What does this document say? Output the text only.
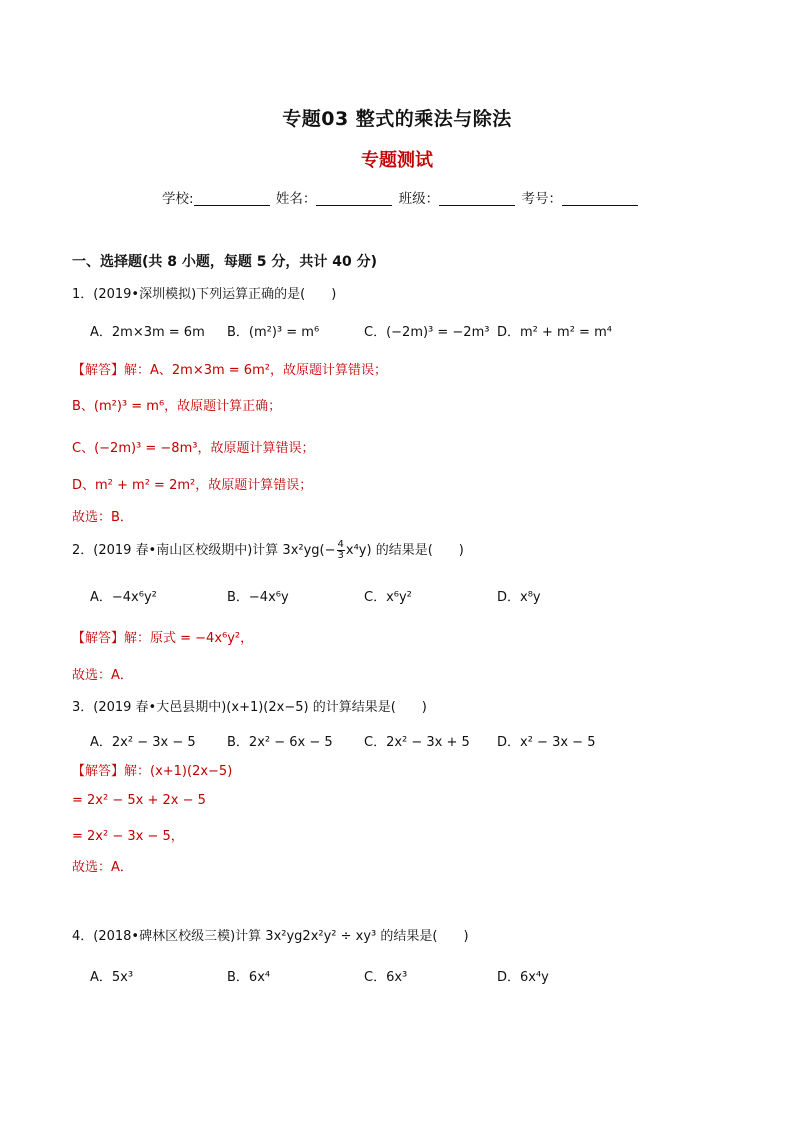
专题03 整式的乘法与除法
专题测试
学校:	姓名：	班级：	考号：
一、选择题(共 8 小题，每题 5 分，共计 40 分)
1．(2019•深圳模拟)下列运算正确的是(　　)
A．2m×3m = 6m B．(m²)³ = m⁶	C．(−2m)³ = −2m³ D．m² + m² = m⁴
【解答】解：A、2m×3m = 6m²，故原题计算错误；
B、(m²)³ = m⁶，故原题计算正确；
C、(−2m)³ = −8m³，故原题计算错误；
D、m² + m² = 2m²，故原题计算错误；
故选：B．
2．(2019 春•南山区校级期中)计算 $3x^2yg(- \frac{4}{3} x^4y)$ 的结果是(　　)
A．−4x⁶y²	B．−4x⁶y	C．x⁶y²	D．x⁸y
【解答】解：原式 = −4x⁶y²，
故选：A．
3．(2019 春•大邑县期中)(x+1)(2x−5) 的计算结果是(　　)
A．2x² − 3x − 5 B．2x² − 6x − 5 C．2x² − 3x + 5 D．x² − 3x − 5
【解答】解：(x+1)(2x−5)
= 2x² − 5x + 2x − 5
= 2x² − 3x − 5，
故选：A．
4．(2018•碑林区校级三模)计算 3x²yg2x²y² ÷ xy³ 的结果是(　　)
A．5x³	B．6x⁴	C．6x³	D．6x⁴y
